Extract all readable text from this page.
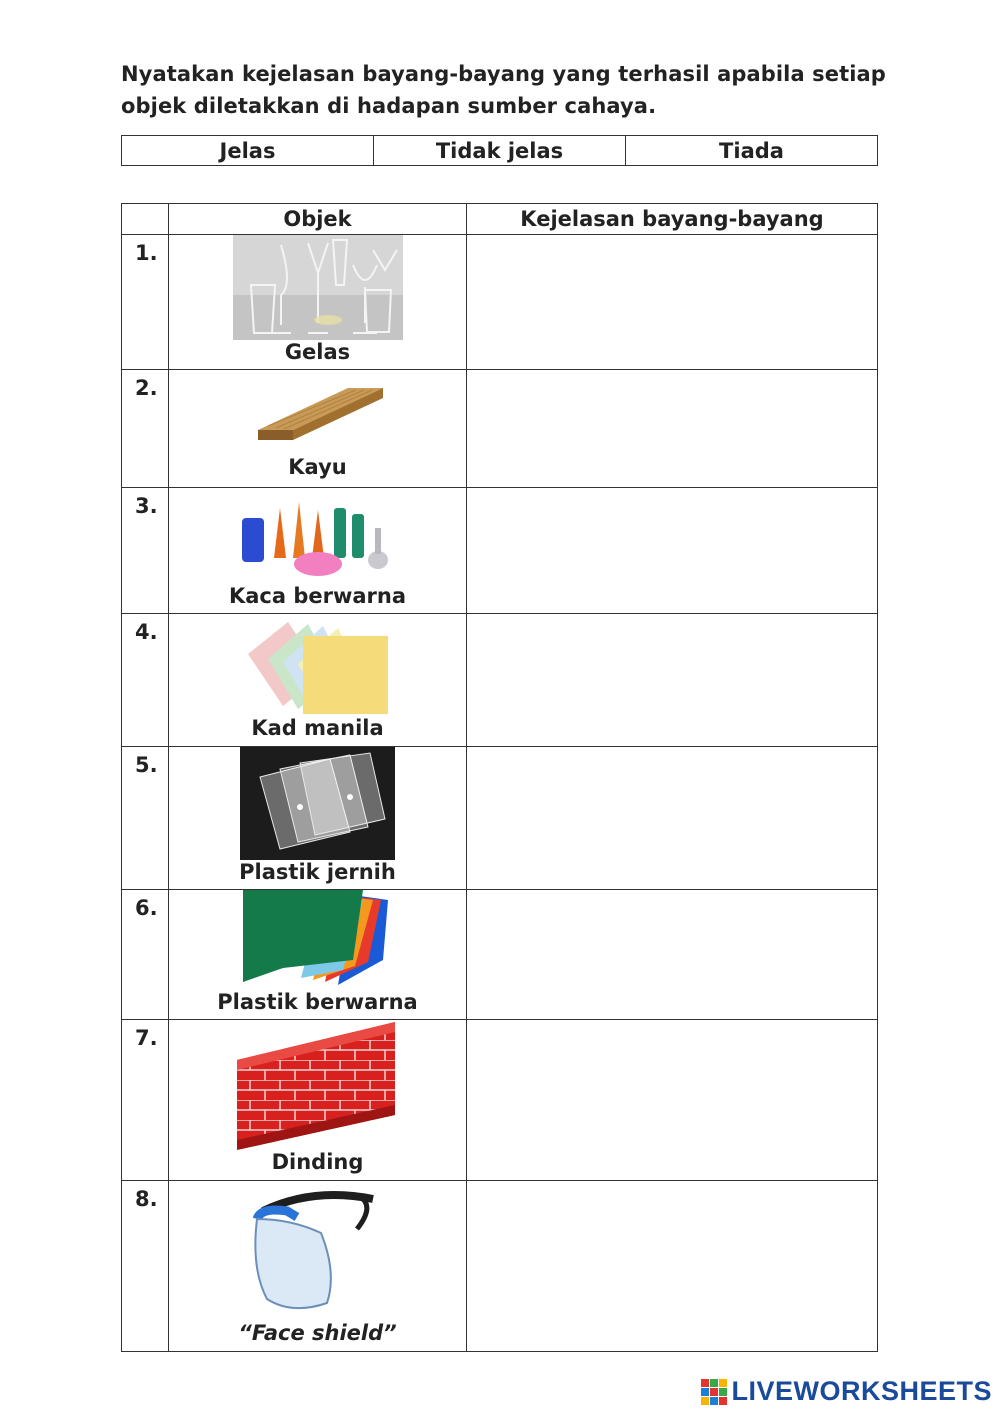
Nyatakan kejelasan bayang-bayang yang terhasil apabila setiap objek diletakkan di hadapan sumber cahaya.
Jelas	Tidak jelas	Tiada
	Objek	Kejelasan bayang-bayang
1.	Gelas	

2.	Kayu	

3.	Kaca berwarna	

4.	Kad manila	

5.	Plastik jernih	

6.	Plastik berwarna	

7.	Dinding	

8.	“Face shield”	

LIVEWORKSHEETS
